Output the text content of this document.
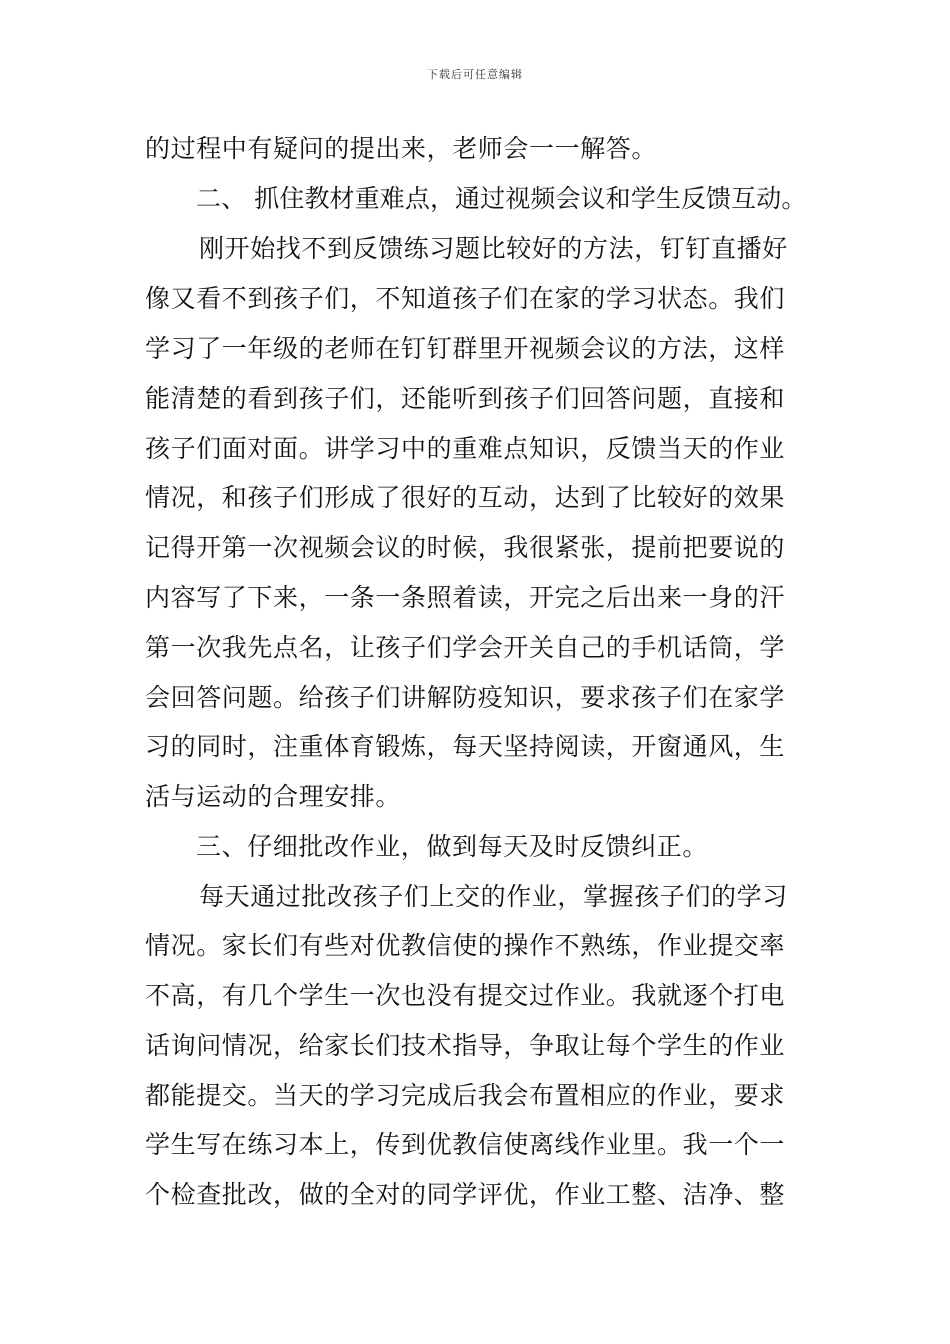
下载后可任意编辑
的过程中有疑问的提出来，老师会一一解答。
二、 抓住教材重难点，通过视频会议和学生反馈互动。
刚开始找不到反馈练习题比较好的方法，钉钉直播好
像又看不到孩子们，不知道孩子们在家的学习状态。我们
学习了一年级的老师在钉钉群里开视频会议的方法，这样
能清楚的看到孩子们，还能听到孩子们回答问题，直接和
孩子们面对面。讲学习中的重难点知识，反馈当天的作业
情况，和孩子们形成了很好的互动，达到了比较好的效果
记得开第一次视频会议的时候，我很紧张，提前把要说的
内容写了下来，一条一条照着读，开完之后出来一身的汗
第一次我先点名，让孩子们学会开关自己的手机话筒，学
会回答问题。给孩子们讲解防疫知识，要求孩子们在家学
习的同时，注重体育锻炼，每天坚持阅读，开窗通风，生
活与运动的合理安排。
三、仔细批改作业，做到每天及时反馈纠正。
每天通过批改孩子们上交的作业，掌握孩子们的学习
情况。家长们有些对优教信使的操作不熟练，作业提交率
不高，有几个学生一次也没有提交过作业。我就逐个打电
话询问情况，给家长们技术指导，争取让每个学生的作业
都能提交。当天的学习完成后我会布置相应的作业，要求
学生写在练习本上，传到优教信使离线作业里。我一个一
个检查批改，做的全对的同学评优，作业工整、洁净、整
